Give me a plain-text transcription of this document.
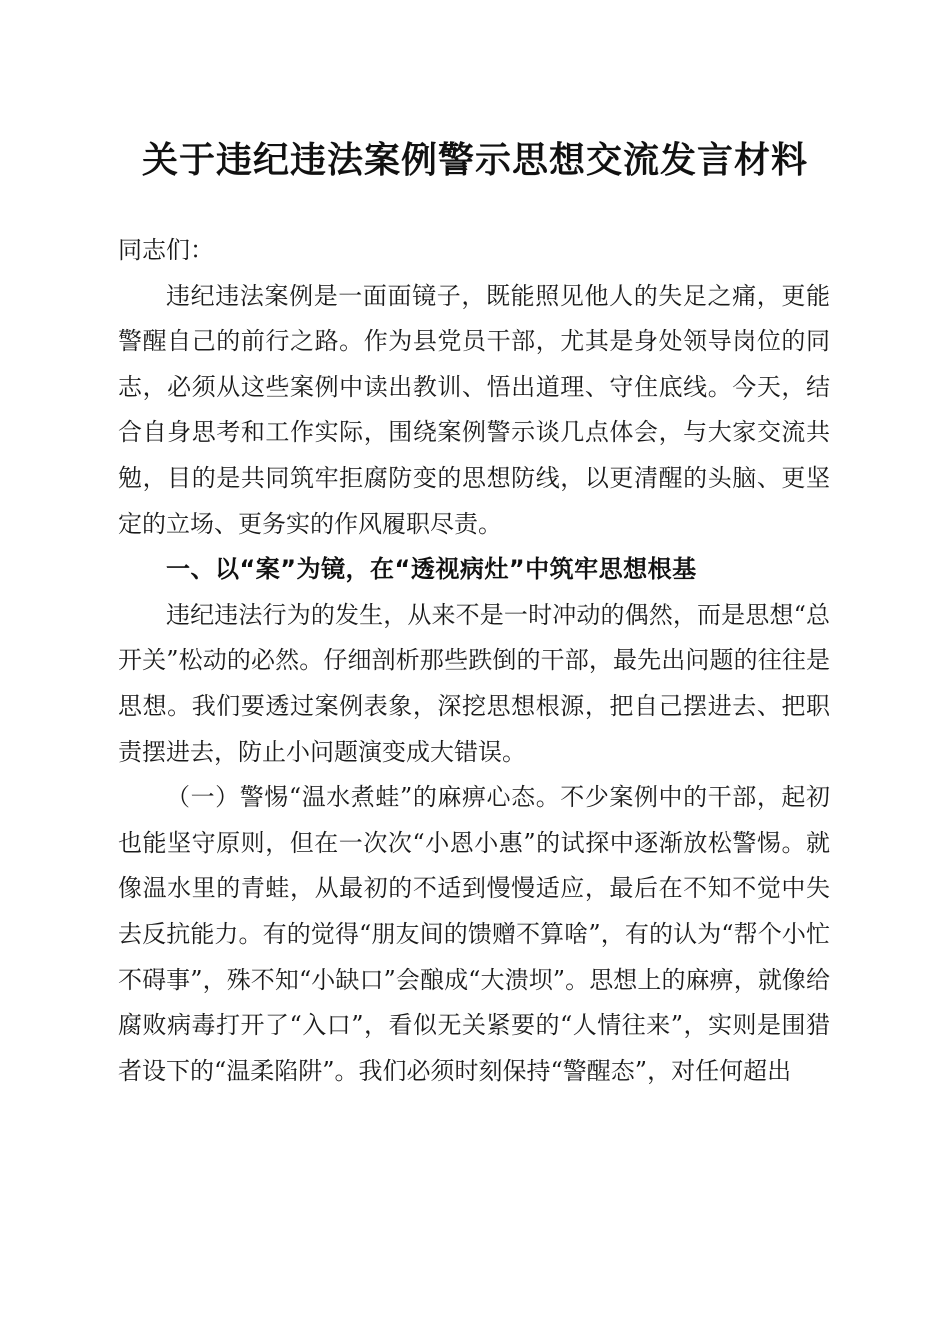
关于违纪违法案例警示思想交流发言材料

同志们：

违纪违法案例是一面面镜子，既能照见他人的失足之痛，更能警醒自己的前行之路。作为县党员干部，尤其是身处领导岗位的同志，必须从这些案例中读出教训、悟出道理、守住底线。今天，结合自身思考和工作实际，围绕案例警示谈几点体会，与大家交流共勉，目的是共同筑牢拒腐防变的思想防线，以更清醒的头脑、更坚定的立场、更务实的作风履职尽责。

一、以“案”为镜，在“透视病灶”中筑牢思想根基

违纪违法行为的发生，从来不是一时冲动的偶然，而是思想“总开关”松动的必然。仔细剖析那些跌倒的干部，最先出问题的往往是思想。我们要透过案例表象，深挖思想根源，把自己摆进去、把职责摆进去，防止小问题演变成大错误。

（一）警惕“温水煮蛙”的麻痹心态。不少案例中的干部，起初也能坚守原则，但在一次次“小恩小惠”的试探中逐渐放松警惕。就像温水里的青蛙，从最初的不适到慢慢适应，最后在不知不觉中失去反抗能力。有的觉得“朋友间的馈赠不算啥”，有的认为“帮个小忙不碍事”，殊不知“小缺口”会酿成“大溃坝”。思想上的麻痹，就像给腐败病毒打开了“入口”，看似无关紧要的“人情往来”，实则是围猎者设下的“温柔陷阱”。我们必须时刻保持“警醒态”，对任何超出
